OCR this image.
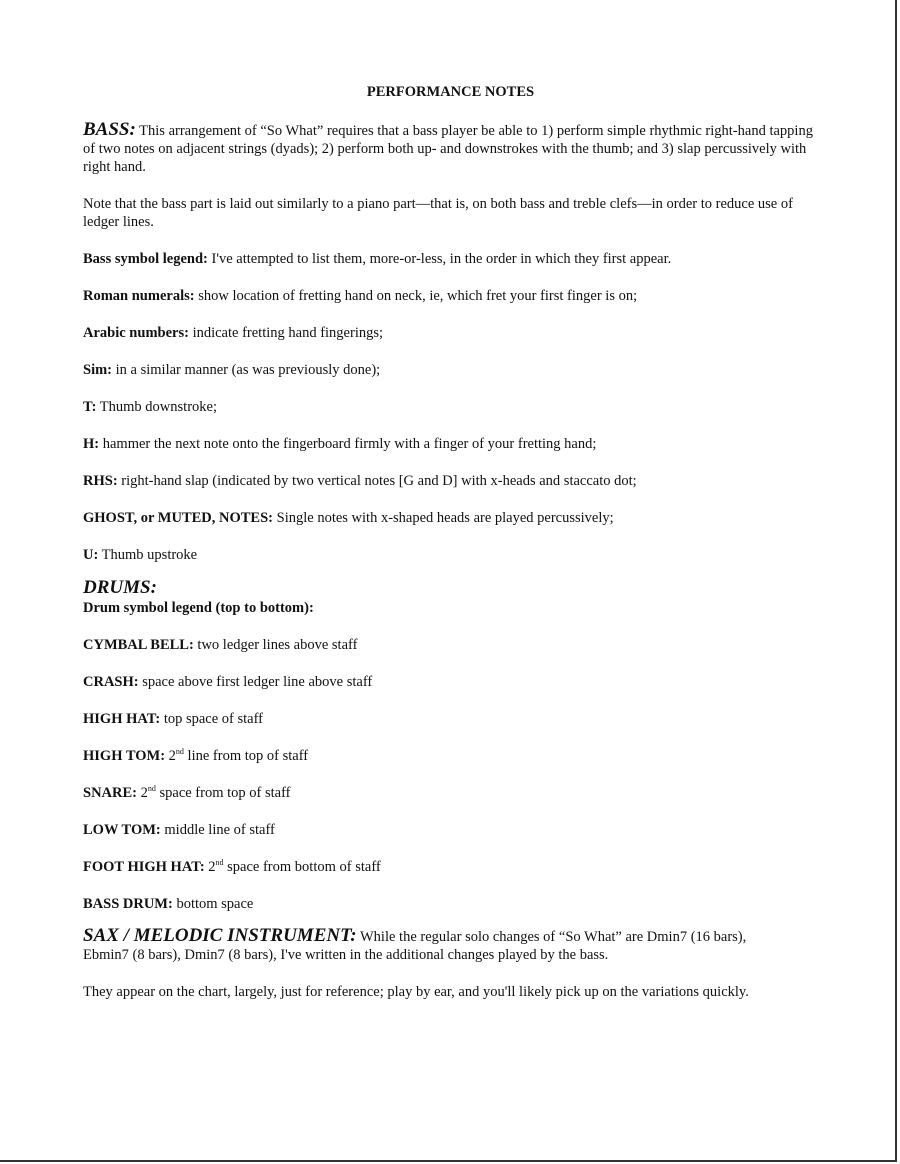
PERFORMANCE NOTES

BASS: This arrangement of “So What” requires that a bass player be able to 1) perform simple rhythmic right-hand tapping of two notes on adjacent strings (dyads); 2) perform both up- and downstrokes with the thumb; and 3) slap percussively with right hand.

Note that the bass part is laid out similarly to a piano part—that is, on both bass and treble clefs—in order to reduce use of ledger lines.

Bass symbol legend: I've attempted to list them, more-or-less, in the order in which they first appear.

Roman numerals: show location of fretting hand on neck, ie, which fret your first finger is on;

Arabic numbers: indicate fretting hand fingerings;

Sim: in a similar manner (as was previously done);

T: Thumb downstroke;

H: hammer the next note onto the fingerboard firmly with a finger of your fretting hand;

RHS: right-hand slap (indicated by two vertical notes [G and D] with x-heads and staccato dot;

GHOST, or MUTED, NOTES: Single notes with x-shaped heads are played percussively;

U: Thumb upstroke

DRUMS:

Drum symbol legend (top to bottom):

CYMBAL BELL: two ledger lines above staff

CRASH: space above first ledger line above staff

HIGH HAT: top space of staff

HIGH TOM: 2nd line from top of staff

SNARE: 2nd space from top of staff

LOW TOM: middle line of staff

FOOT HIGH HAT: 2nd space from bottom of staff

BASS DRUM: bottom space

SAX / MELODIC INSTRUMENT: While the regular solo changes of “So What” are Dmin7 (16 bars),

Ebmin7 (8 bars), Dmin7 (8 bars), I've written in the additional changes played by the bass.

They appear on the chart, largely, just for reference; play by ear, and you'll likely pick up on the variations quickly.
